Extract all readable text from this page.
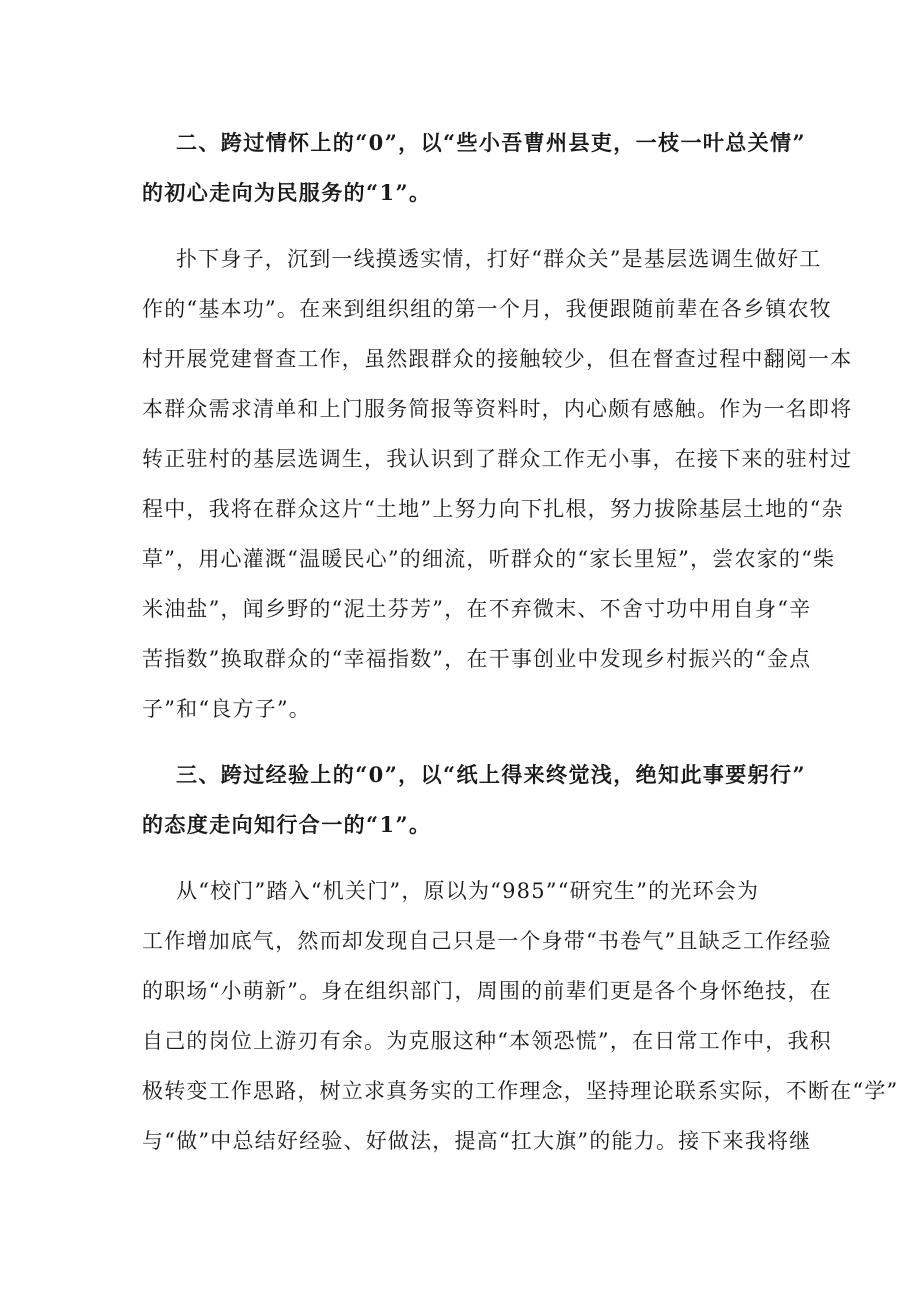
二、跨过情怀上的“0”，以“些小吾曹州县吏，一枝一叶总关情”
的初心走向为民服务的“1”。
扑下身子，沉到一线摸透实情，打好“群众关”是基层选调生做好工
作的“基本功”。在来到组织组的第一个月，我便跟随前辈在各乡镇农牧
村开展党建督查工作，虽然跟群众的接触较少，但在督查过程中翻阅一本
本群众需求清单和上门服务简报等资料时，内心颇有感触。作为一名即将
转正驻村的基层选调生，我认识到了群众工作无小事，在接下来的驻村过
程中，我将在群众这片“土地”上努力向下扎根，努力拔除基层土地的“杂
草”，用心灌溉“温暖民心”的细流，听群众的“家长里短”，尝农家的“柴
米油盐”，闻乡野的“泥土芬芳”，在不弃微末、不舍寸功中用自身“辛
苦指数”换取群众的“幸福指数”，在干事创业中发现乡村振兴的“金点
子”和“良方子”。
三、跨过经验上的“0”，以“纸上得来终觉浅，绝知此事要躬行”
的态度走向知行合一的“1”。
从“校门”踏入“机关门”，原以为“985”“研究生”的光环会为
工作增加底气，然而却发现自己只是一个身带“书卷气”且缺乏工作经验
的职场“小萌新”。身在组织部门，周围的前辈们更是各个身怀绝技，在
自己的岗位上游刃有余。为克服这种“本领恐慌”，在日常工作中，我积
极转变工作思路，树立求真务实的工作理念，坚持理论联系实际，不断在“学”
与“做”中总结好经验、好做法，提高“扛大旗”的能力。接下来我将继
